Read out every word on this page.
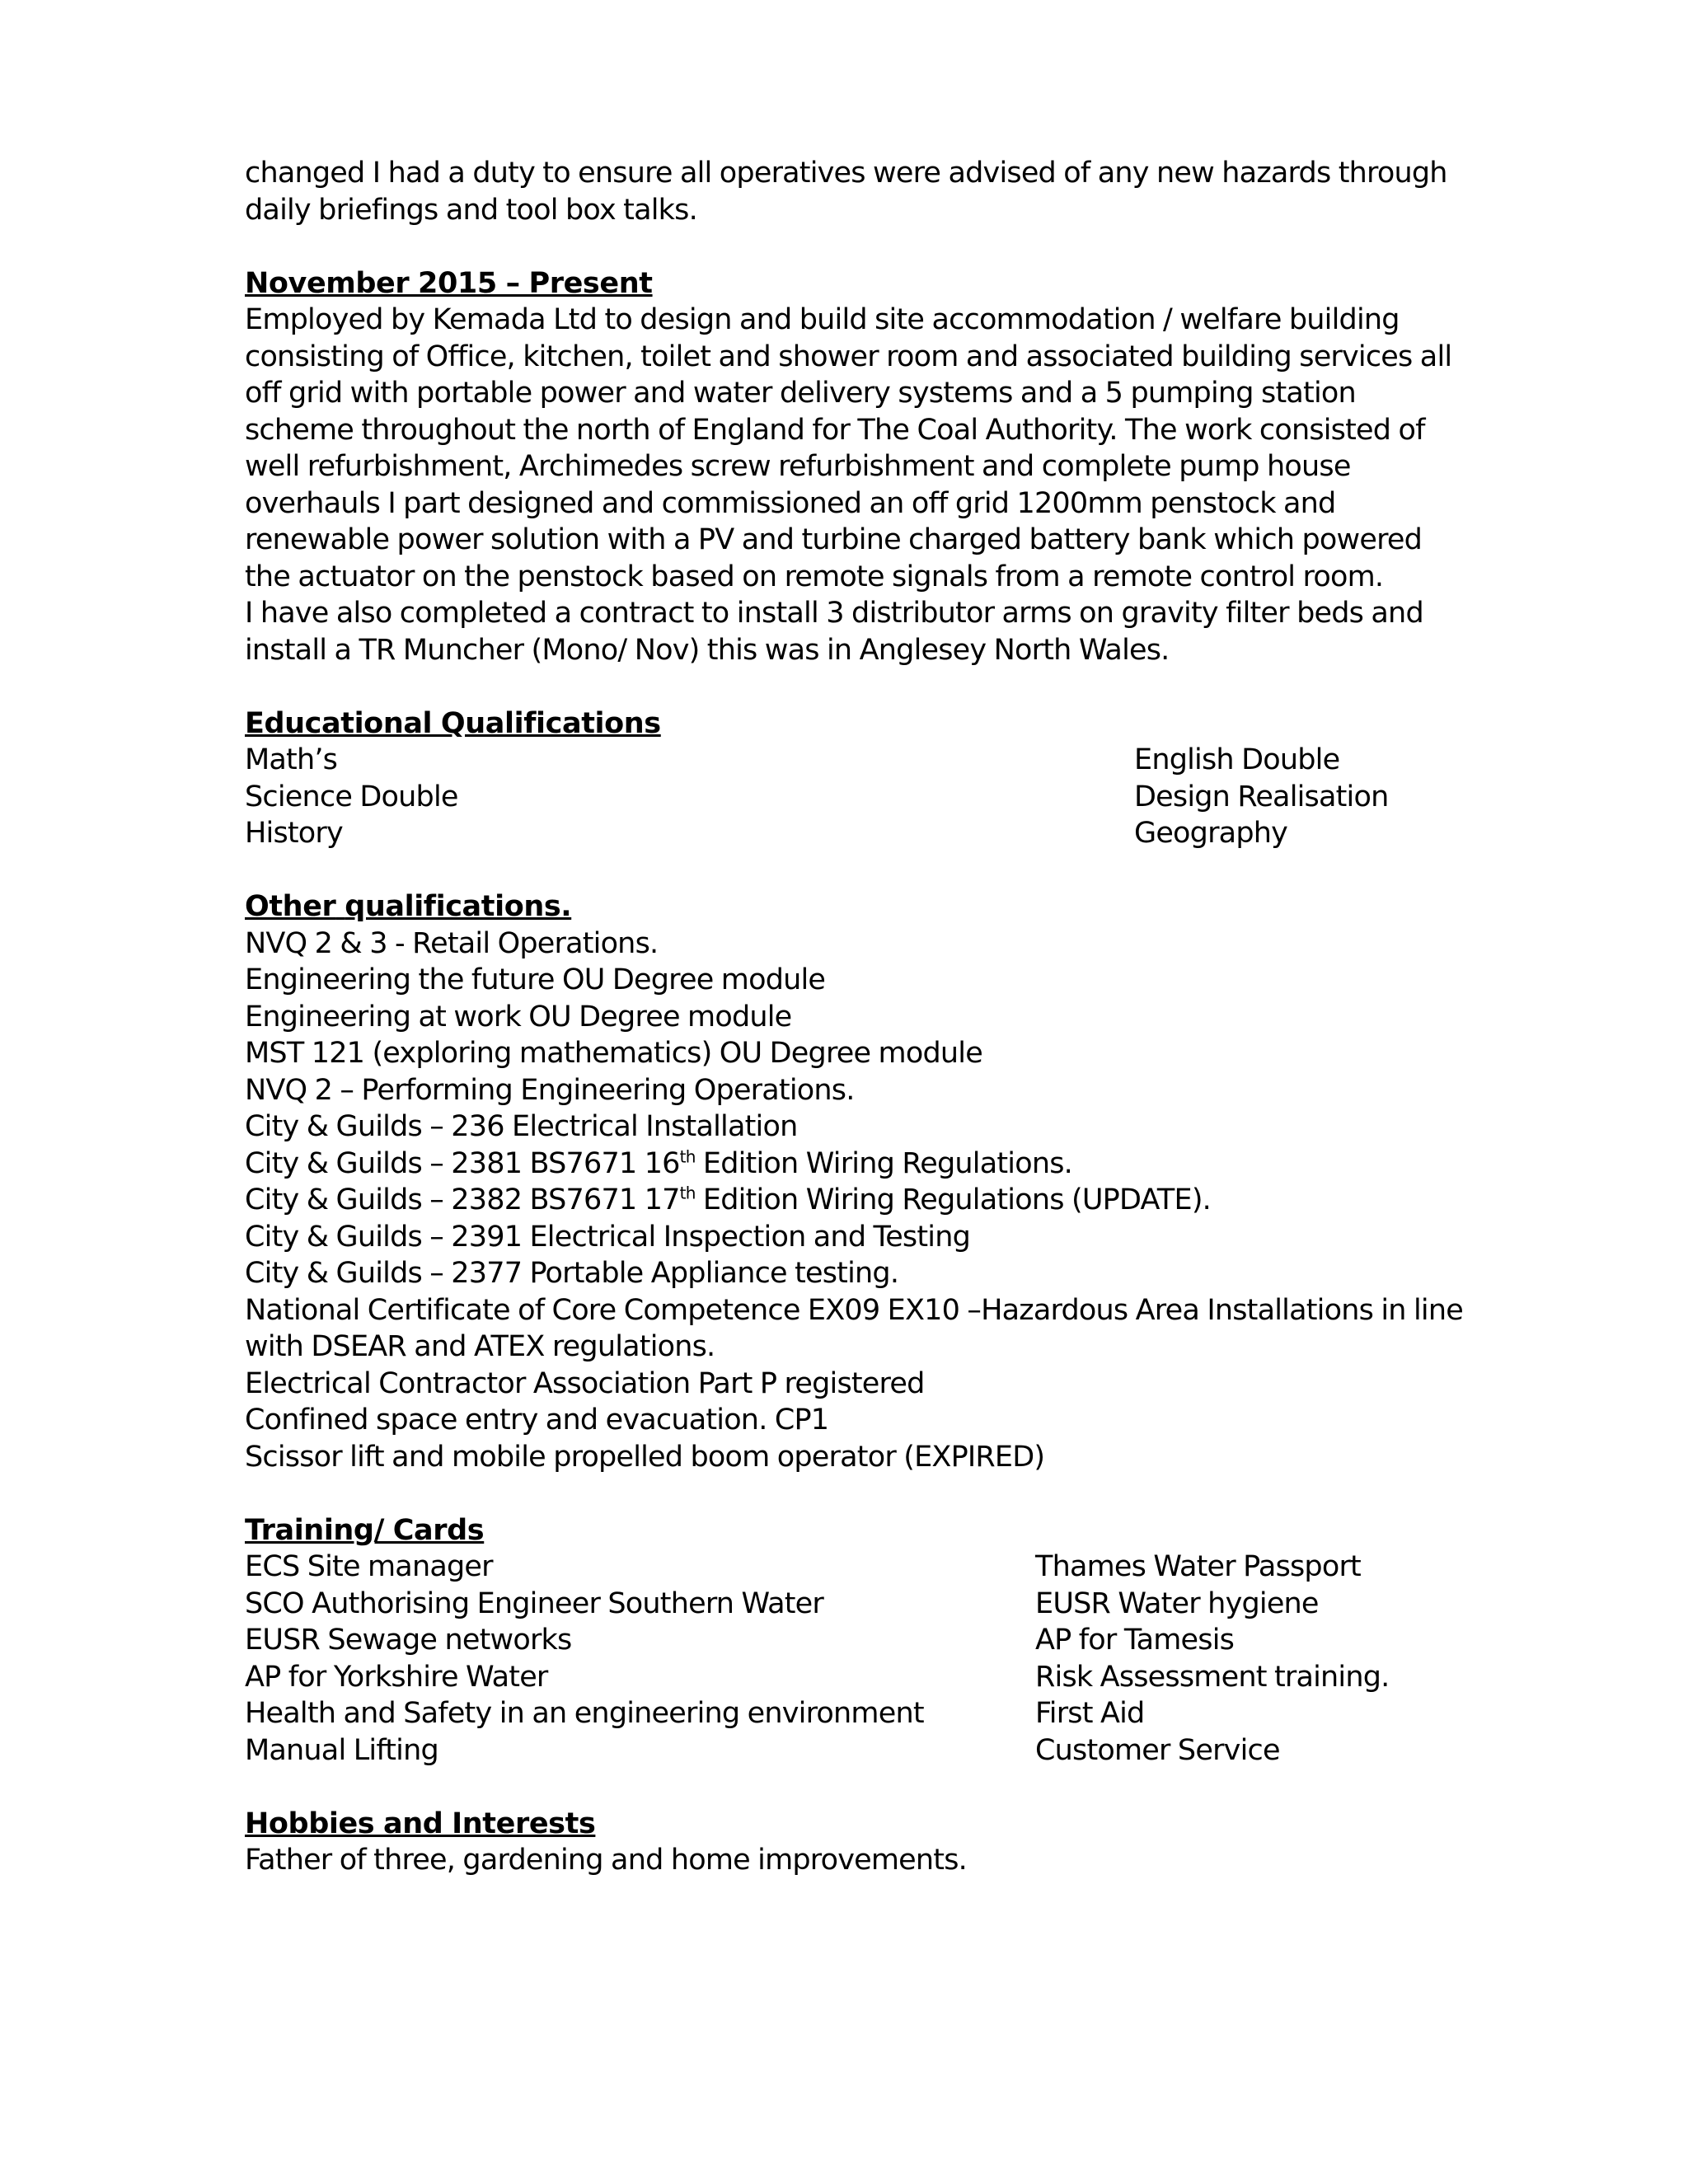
changed I had a duty to ensure all operatives were advised of any new hazards through
daily briefings and tool box talks.
November 2015 – Present
Employed by Kemada Ltd to design and build site accommodation / welfare building
consisting of Office, kitchen, toilet and shower room and associated building services all
off grid with portable power and water delivery systems and a 5 pumping station
scheme throughout the north of England for The Coal Authority. The work consisted of
well refurbishment, Archimedes screw refurbishment and complete pump house
overhauls I part designed and commissioned an off grid 1200mm penstock and
renewable power solution with a PV and turbine charged battery bank which powered
the actuator on the penstock based on remote signals from a remote control room.
I have also completed a contract to install 3 distributor arms on gravity filter beds and
install a TR Muncher (Mono/ Nov) this was in Anglesey North Wales.
Educational Qualifications
Math’s	English Double
Science Double	Design Realisation
History	Geography
Other qualifications.
NVQ 2 & 3 - Retail Operations.
Engineering the future OU Degree module
Engineering at work OU Degree module
MST 121 (exploring mathematics) OU Degree module
NVQ 2 – Performing Engineering Operations.
City & Guilds – 236 Electrical Installation
City & Guilds – 2381 BS7671 16th Edition Wiring Regulations.
City & Guilds – 2382 BS7671 17th Edition Wiring Regulations (UPDATE).
City & Guilds – 2391 Electrical Inspection and Testing
City & Guilds – 2377 Portable Appliance testing.
National Certificate of Core Competence EX09 EX10 –Hazardous Area Installations in line
with DSEAR and ATEX regulations.
Electrical Contractor Association Part P registered
Confined space entry and evacuation. CP1
Scissor lift and mobile propelled boom operator (EXPIRED)
Training/ Cards
ECS Site manager	Thames Water Passport
SCO Authorising Engineer Southern Water	EUSR Water hygiene
EUSR Sewage networks	AP for Tamesis
AP for Yorkshire Water	Risk Assessment training.
Health and Safety in an engineering environment	First Aid
Manual Lifting	Customer Service
Hobbies and Interests
Father of three, gardening and home improvements.
